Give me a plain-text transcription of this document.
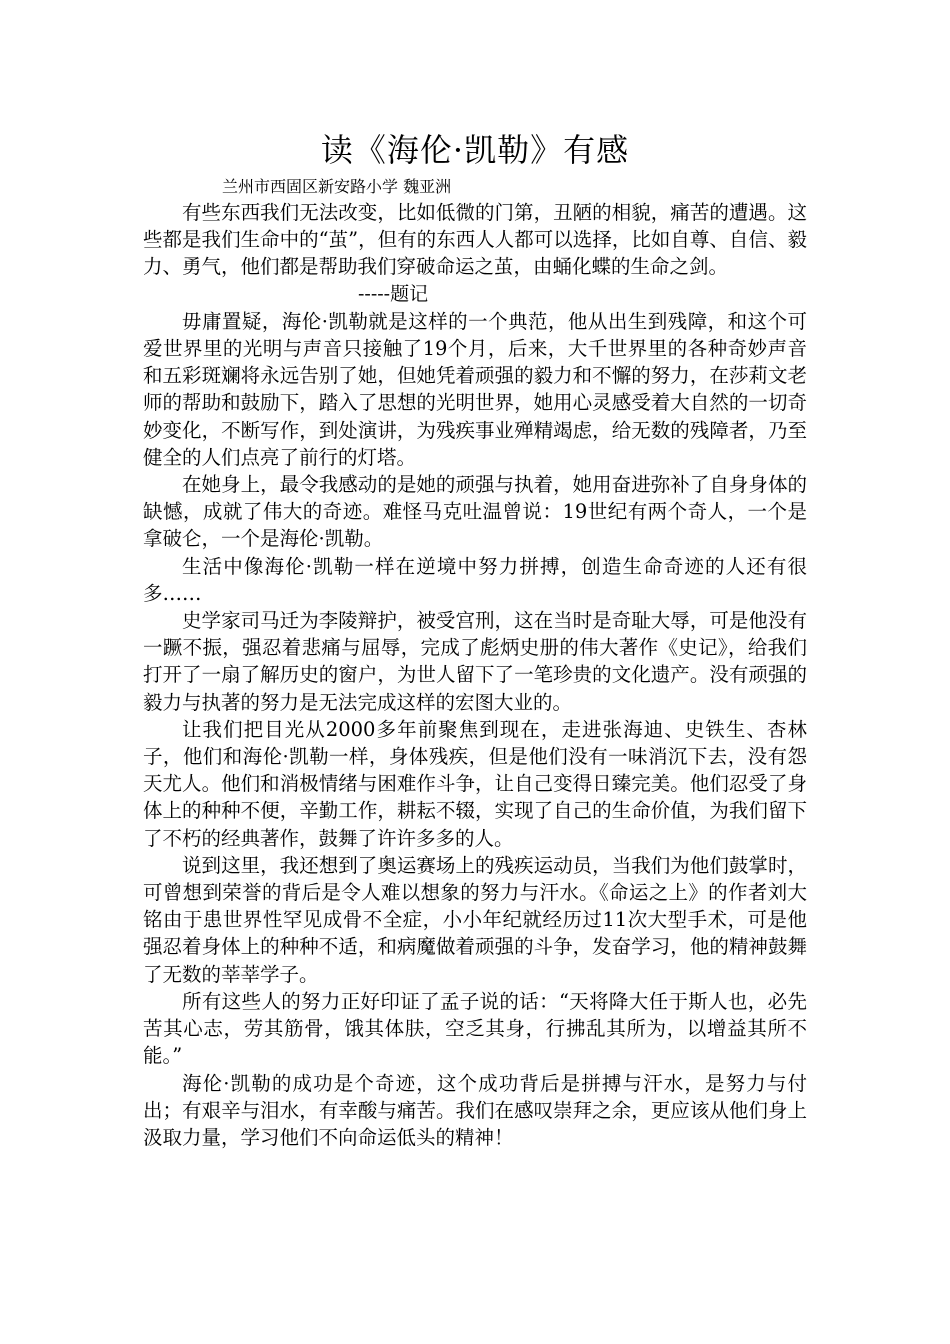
读《海伦·凯勒》有感

兰州市西固区新安路小学 魏亚洲

有些东西我们无法改变，比如低微的门第，丑陋的相貌，痛苦的遭遇。这些都是我们生命中的“茧”，但有的东西人人都可以选择，比如自尊、自信、毅力、勇气，他们都是帮助我们穿破命运之茧，由蛹化蝶的生命之剑。

-----题记

毋庸置疑，海伦·凯勒就是这样的一个典范，他从出生到残障，和这个可爱世界里的光明与声音只接触了19个月，后来，大千世界里的各种奇妙声音和五彩斑斓将永远告别了她，但她凭着顽强的毅力和不懈的努力，在莎莉文老师的帮助和鼓励下，踏入了思想的光明世界，她用心灵感受着大自然的一切奇妙变化，不断写作，到处演讲，为残疾事业殚精竭虑，给无数的残障者，乃至健全的人们点亮了前行的灯塔。

在她身上，最令我感动的是她的顽强与执着，她用奋进弥补了自身身体的缺憾，成就了伟大的奇迹。难怪马克吐温曾说：19世纪有两个奇人，一个是拿破仑，一个是海伦·凯勒。

生活中像海伦·凯勒一样在逆境中努力拼搏，创造生命奇迹的人还有很多……

史学家司马迁为李陵辩护，被受宫刑，这在当时是奇耻大辱，可是他没有一蹶不振，强忍着悲痛与屈辱，完成了彪炳史册的伟大著作《史记》，给我们打开了一扇了解历史的窗户，为世人留下了一笔珍贵的文化遗产。没有顽强的毅力与执著的努力是无法完成这样的宏图大业的。

让我们把目光从2000多年前聚焦到现在，走进张海迪、史铁生、杏林子，他们和海伦·凯勒一样，身体残疾，但是他们没有一味消沉下去，没有怨天尤人。他们和消极情绪与困难作斗争，让自己变得日臻完美。他们忍受了身体上的种种不便，辛勤工作，耕耘不辍，实现了自己的生命价值，为我们留下了不朽的经典著作，鼓舞了许许多多的人。

说到这里，我还想到了奥运赛场上的残疾运动员，当我们为他们鼓掌时，可曾想到荣誉的背后是令人难以想象的努力与汗水。《命运之上》的作者刘大铭由于患世界性罕见成骨不全症，小小年纪就经历过11次大型手术，可是他强忍着身体上的种种不适，和病魔做着顽强的斗争，发奋学习，他的精神鼓舞了无数的莘莘学子。

所有这些人的努力正好印证了孟子说的话：“天将降大任于斯人也，必先苦其心志，劳其筋骨，饿其体肤，空乏其身，行拂乱其所为，以增益其所不能。”

海伦·凯勒的成功是个奇迹，这个成功背后是拼搏与汗水，是努力与付出；有艰辛与泪水，有幸酸与痛苦。我们在感叹崇拜之余，更应该从他们身上汲取力量，学习他们不向命运低头的精神！
